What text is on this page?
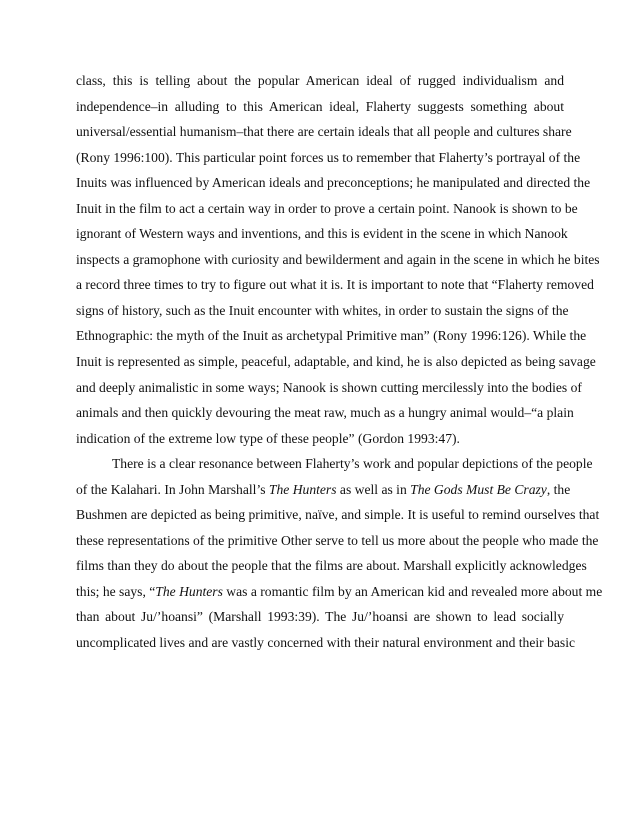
class, this is telling about the popular American ideal of rugged individualism and
independence–in alluding to this American ideal, Flaherty suggests something about
universal/essential humanism–that there are certain ideals that all people and cultures share
(Rony 1996:100). This particular point forces us to remember that Flaherty’s portrayal of the
Inuits was influenced by American ideals and preconceptions; he manipulated and directed the
Inuit in the film to act a certain way in order to prove a certain point. Nanook is shown to be
ignorant of Western ways and inventions, and this is evident in the scene in which Nanook
inspects a gramophone with curiosity and bewilderment and again in the scene in which he bites
a record three times to try to figure out what it is. It is important to note that “Flaherty removed
signs of history, such as the Inuit encounter with whites, in order to sustain the signs of the
Ethnographic: the myth of the Inuit as archetypal Primitive man” (Rony 1996:126). While the
Inuit is represented as simple, peaceful, adaptable, and kind, he is also depicted as being savage
and deeply animalistic in some ways; Nanook is shown cutting mercilessly into the bodies of
animals and then quickly devouring the meat raw, much as a hungry animal would–“a plain
indication of the extreme low type of these people” (Gordon 1993:47).
There is a clear resonance between Flaherty’s work and popular depictions of the people
of the Kalahari. In John Marshall’s The Hunters as well as in The Gods Must Be Crazy, the
Bushmen are depicted as being primitive, naïve, and simple. It is useful to remind ourselves that
these representations of the primitive Other serve to tell us more about the people who made the
films than they do about the people that the films are about. Marshall explicitly acknowledges
this; he says, “The Hunters was a romantic film by an American kid and revealed more about me
than about Ju/’hoansi” (Marshall 1993:39). The Ju/’hoansi are shown to lead socially
uncomplicated lives and are vastly concerned with their natural environment and their basic
